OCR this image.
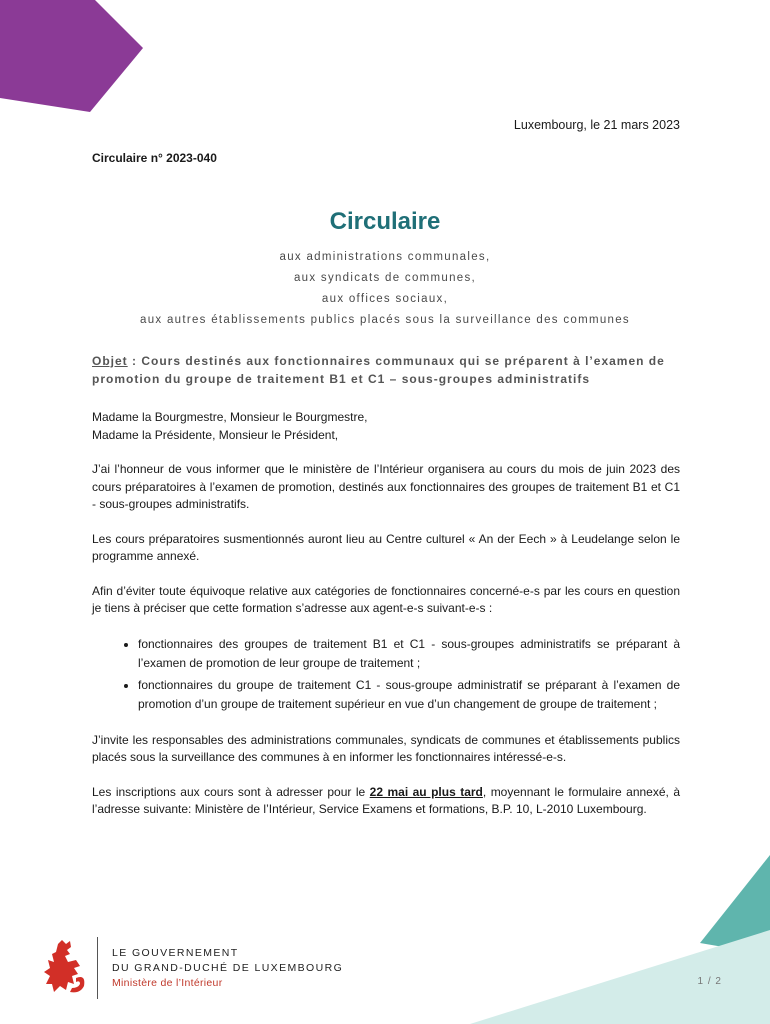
Luxembourg, le 21 mars 2023
Circulaire n° 2023-040
Circulaire
aux administrations communales,
aux syndicats de communes,
aux offices sociaux,
aux autres établissements publics placés sous la surveillance des communes
Objet : Cours destinés aux fonctionnaires communaux qui se préparent à l’examen de promotion du groupe de traitement B1 et C1 – sous-groupes administratifs

Madame la Bourgmestre, Monsieur le Bourgmestre,
Madame la Présidente, Monsieur le Président,

J’ai l’honneur de vous informer que le ministère de l’Intérieur organisera au cours du mois de juin 2023 des cours préparatoires à l’examen de promotion, destinés aux fonctionnaires des groupes de traitement B1 et C1 - sous-groupes administratifs.

Les cours préparatoires susmentionnés auront lieu au Centre culturel « An der Eech » à Leudelange selon le programme annexé.

Afin d’éviter toute équivoque relative aux catégories de fonctionnaires concerné-e-s par les cours en question je tiens à préciser que cette formation s’adresse aux agent-e-s suivant-e-s :

• fonctionnaires des groupes de traitement B1 et C1 - sous-groupes administratifs se préparant à l’examen de promotion de leur groupe de traitement ;
• fonctionnaires du groupe de traitement C1 - sous-groupe administratif se préparant à l’examen de promotion d’un groupe de traitement supérieur en vue d’un changement de groupe de traitement ;

J’invite les responsables des administrations communales, syndicats de communes et établissements publics placés sous la surveillance des communes à en informer les fonctionnaires intéressé-e-s.

Les inscriptions aux cours sont à adresser pour le 22 mai au plus tard, moyennant le formulaire annexé, à l’adresse suivante: Ministère de l’Intérieur, Service Examens et formations, B.P. 10, L-2010 Luxembourg.

LE GOUVERNEMENT
DU GRAND-DUCHÉ DE LUXEMBOURG
Ministère de l’Intérieur	1 / 2
